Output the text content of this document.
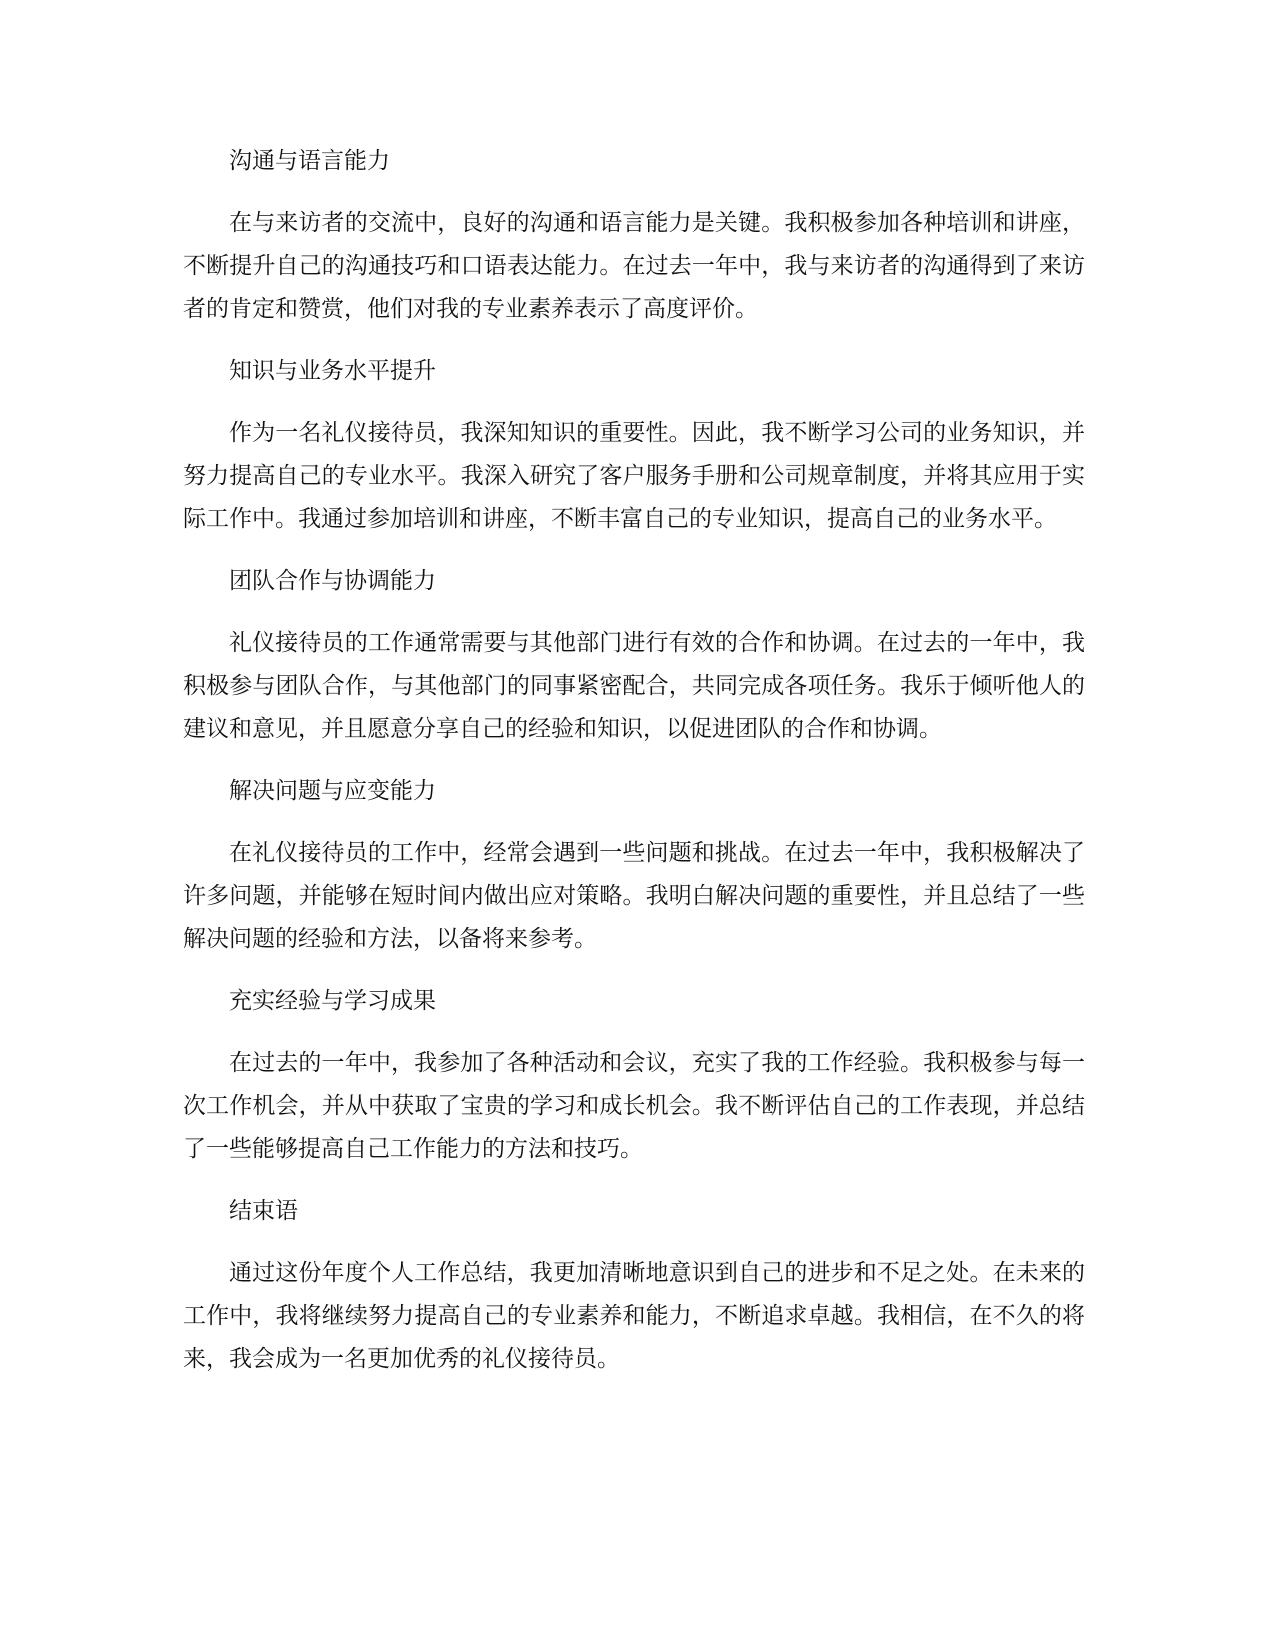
沟通与语言能力
在与来访者的交流中，良好的沟通和语言能力是关键。我积极参加各种培训和讲座，不断提升自己的沟通技巧和口语表达能力。在过去一年中，我与来访者的沟通得到了来访者的肯定和赞赏，他们对我的专业素养表示了高度评价。
知识与业务水平提升
作为一名礼仪接待员，我深知知识的重要性。因此，我不断学习公司的业务知识，并努力提高自己的专业水平。我深入研究了客户服务手册和公司规章制度，并将其应用于实际工作中。我通过参加培训和讲座，不断丰富自己的专业知识，提高自己的业务水平。
团队合作与协调能力
礼仪接待员的工作通常需要与其他部门进行有效的合作和协调。在过去的一年中，我积极参与团队合作，与其他部门的同事紧密配合，共同完成各项任务。我乐于倾听他人的建议和意见，并且愿意分享自己的经验和知识，以促进团队的合作和协调。
解决问题与应变能力
在礼仪接待员的工作中，经常会遇到一些问题和挑战。在过去一年中，我积极解决了许多问题，并能够在短时间内做出应对策略。我明白解决问题的重要性，并且总结了一些解决问题的经验和方法，以备将来参考。
充实经验与学习成果
在过去的一年中，我参加了各种活动和会议，充实了我的工作经验。我积极参与每一次工作机会，并从中获取了宝贵的学习和成长机会。我不断评估自己的工作表现，并总结了一些能够提高自己工作能力的方法和技巧。
结束语
通过这份年度个人工作总结，我更加清晰地意识到自己的进步和不足之处。在未来的工作中，我将继续努力提高自己的专业素养和能力，不断追求卓越。我相信，在不久的将来，我会成为一名更加优秀的礼仪接待员。
